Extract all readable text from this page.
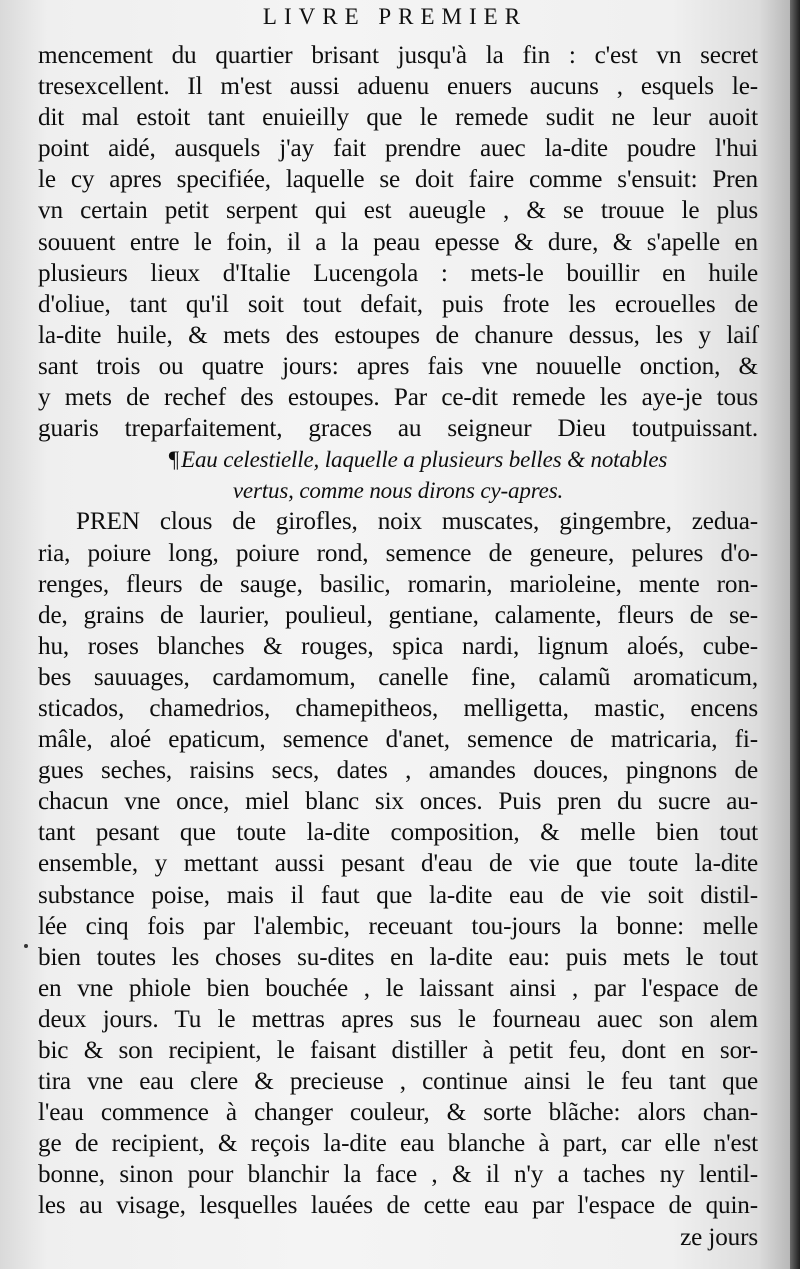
LIVRE PREMIER
mencement du quartier brisant jusqu'à la fin : c'est vn secret
tresexcellent. Il m'est aussi aduenu enuers aucuns , esquels le-
dit mal estoit tant enuieilly que le remede sudit ne leur auoit
point aidé, ausquels j'ay fait prendre auec la-dite poudre l'hui
le cy apres specifiée, laquelle se doit faire comme s'ensuit: Pren
vn certain petit serpent qui est aueugle , & se trouue le plus
souuent entre le foin, il a la peau epesse & dure, & s'apelle en
plusieurs lieux d'Italie Lucengola : mets-le bouillir en huile
d'oliue, tant qu'il soit tout defait, puis frote les ecrouelles de
la-dite huile, & mets des estoupes de chanure dessus, les y laiſ
sant trois ou quatre jours: apres fais vne nouuelle onction, &
y mets de rechef des estoupes. Par ce-dit remede les aye-je tous
guaris treparfaitement, graces au seigneur Dieu toutpuissant.
¶Eau celestielle, laquelle a plusieurs belles & notables
vertus, comme nous dirons cy-apres.
PREN clous de girofles, noix muscates, gingembre, zedua-
ria, poiure long, poiure rond, semence de geneure, pelures d'o-
renges, fleurs de sauge, basilic, romarin, marioleine, mente ron-
de, grains de laurier, poulieul, gentiane, calamente, fleurs de se-
hu, roses blanches & rouges, spica nardi, lignum aloés, cube-
bes sauuages, cardamomum, canelle fine, calamũ aromaticum,
sticados, chamedrios, chamepitheos, melligetta, mastic, encens
mâle, aloé epaticum, semence d'anet, semence de matricaria, fi-
gues seches, raisins secs, dates , amandes douces, pingnons de
chacun vne once, miel blanc six onces. Puis pren du sucre au-
tant pesant que toute la-dite composition, & melle bien tout
ensemble, y mettant aussi pesant d'eau de vie que toute la-dite
substance poise, mais il faut que la-dite eau de vie soit distil-
lée cinq fois par l'alembic, receuant tou-jours la bonne: melle
bien toutes les choses su-dites en la-dite eau: puis mets le tout
en vne phiole bien bouchée , le laissant ainsi , par l'espace de
deux jours. Tu le mettras apres sus le fourneau auec son alem
bic & son recipient, le faisant distiller à petit feu, dont en sor-
tira vne eau clere & precieuse , continue ainsi le feu tant que
l'eau commence à changer couleur, & sorte blãche: alors chan-
ge de recipient, & reçois la-dite eau blanche à part, car elle n'est
bonne, sinon pour blanchir la face , & il n'y a taches ny lentil-
les au visage, lesquelles lauées de cette eau par l'espace de quin-
ze jours
